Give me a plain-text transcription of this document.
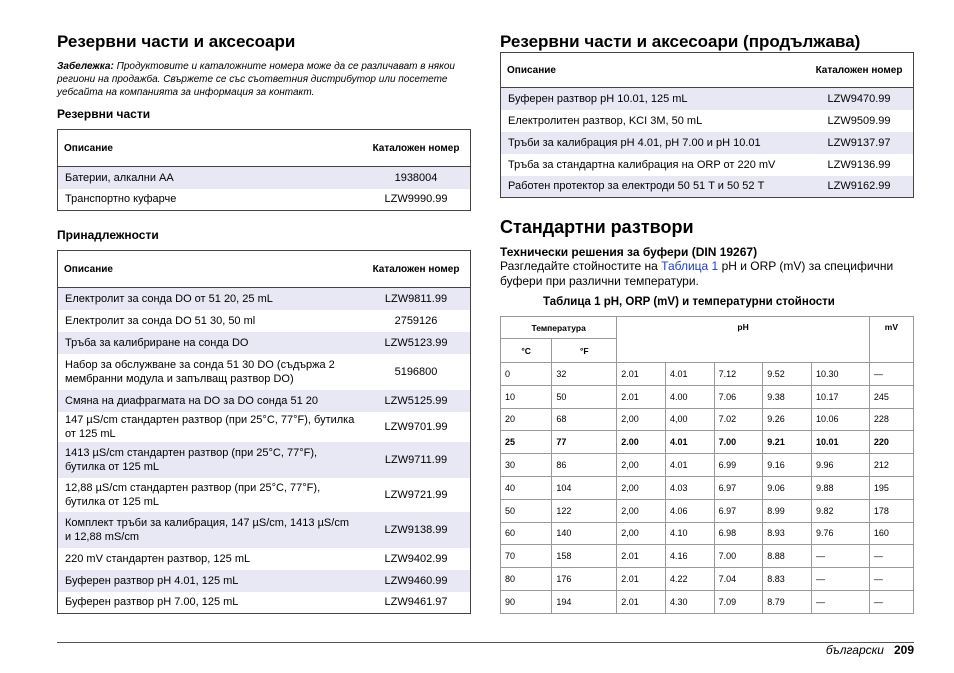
Резервни части и аксесоари
Забележка: Продуктовите и каталожните номера може да се различават в някои региони на продажба. Свържете се със съответния дистрибутор или посетете уебсайта на компанията за информация за контакт.
Резервни части
Описание	Каталожен номер
Батерии, алкални AA	1938004
Транспортно куфарче	LZW9990.99
Принадлежности
Описание	Каталожен номер
Електролит за сонда DO от 51 20, 25 mL	LZW9811.99
Електролит за сонда DO 51 30, 50 ml	2759126
Тръба за калибриране на сонда DO	LZW5123.99
Набор за обслужване за сонда 51 30 DO (съдържа 2 мембранни модула и запълващ разтвор DO)	5196800
Смяна на диафрагмата на DO за DO сонда 51 20	LZW5125.99
147 µS/cm стандартен разтвор (при 25°C, 77°F), бутилка от 125 mL	LZW9701.99
1413 µS/cm стандартен разтвор (при 25°C, 77°F), бутилка от 125 mL	LZW9711.99
12,88 µS/cm стандартен разтвор (при 25°C, 77°F), бутилка от 125 mL	LZW9721.99
Комплект тръби за калибрация, 147 µS/cm, 1413 µS/cm и 12,88 mS/cm	LZW9138.99
220 mV стандартен разтвор, 125 mL	LZW9402.99
Буферен разтвор pH 4.01, 125 mL	LZW9460.99
Буферен разтвор pH 7.00, 125 mL	LZW9461.97
Резервни части и аксесоари (продължава)
Описание	Каталожен номер
Буферен разтвор pH 10.01, 125 mL	LZW9470.99
Електролитен разтвор, KCI 3M, 50 mL	LZW9509.99
Тръби за калибрация pH 4.01, pH 7.00 и pH 10.01	LZW9137.97
Тръба за стандартна калибрация на ORP от 220 mV	LZW9136.99
Работен протектор за електроди 50 51 T и 50 52 T	LZW9162.99
Стандартни разтвори
Технически решения за буфери (DIN 19267)
Разгледайте стойностите на Таблица 1 pH и ORP (mV) за специфични буфери при различни температури.
Таблица 1 pH, ORP (mV) и температурни стойности
Температура		pH					mV
°C	°F						
0	32	2.01	4.01	7.12	9.52	10.30	—
10	50	2.01	4.00	7.06	9.38	10.17	245
20	68	2,00	4,00	7.02	9.26	10.06	228
25	77	2.00	4.01	7.00	9.21	10.01	220
30	86	2,00	4.01	6.99	9.16	9.96	212
40	104	2,00	4.03	6.97	9.06	9.88	195
50	122	2,00	4.06	6.97	8.99	9.82	178
60	140	2,00	4.10	6.98	8.93	9.76	160
70	158	2.01	4.16	7.00	8.88	—	—
80	176	2.01	4.22	7.04	8.83	—	—
90	194	2.01	4.30	7.09	8.79	—	—
български 209
